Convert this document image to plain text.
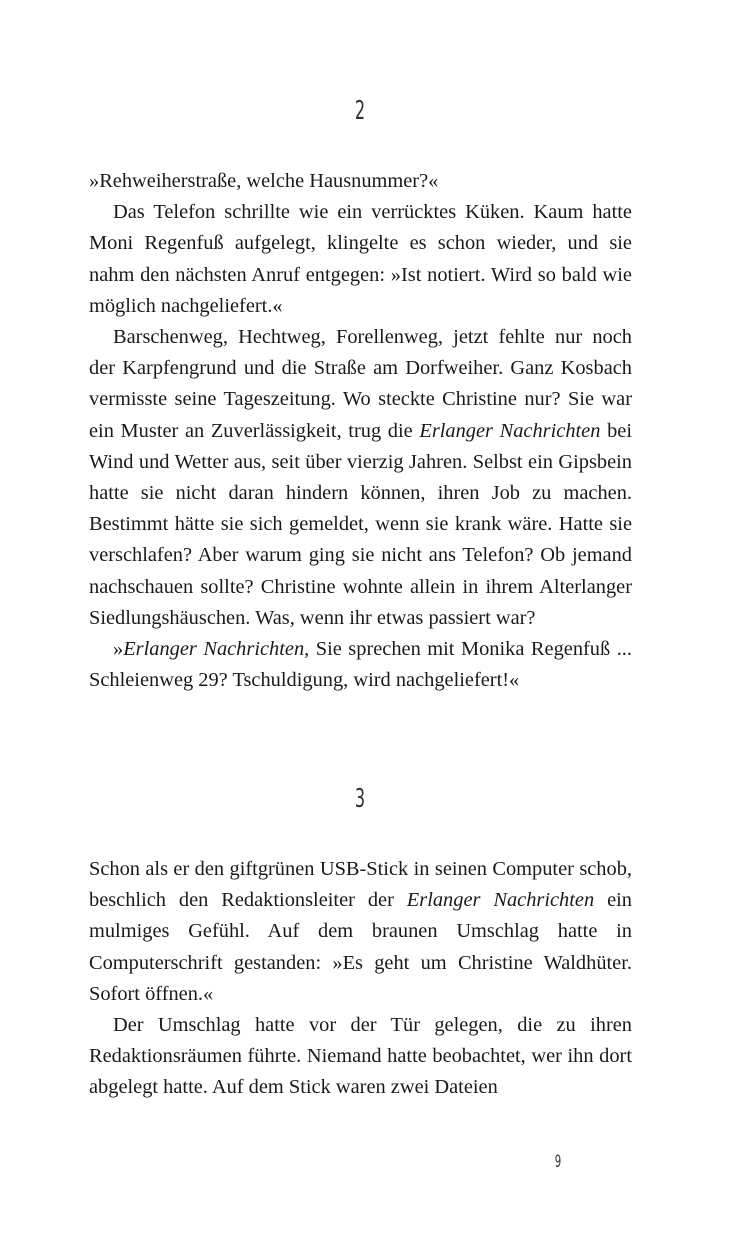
2

»Rehweiherstraße, welche Hausnummer?«

Das Telefon schrillte wie ein verrücktes Küken. Kaum hatte Moni Regenfuß aufgelegt, klingelte es schon wieder, und sie nahm den nächsten Anruf entgegen: »Ist notiert. Wird so bald wie möglich nachgeliefert.«

Barschenweg, Hechtweg, Forellenweg, jetzt fehlte nur noch der Karpfengrund und die Straße am Dorfweiher. Ganz Kosbach vermisste seine Tageszeitung. Wo steckte Christine nur? Sie war ein Muster an Zuverlässigkeit, trug die Erlanger Nachrichten bei Wind und Wetter aus, seit über vierzig Jahren. Selbst ein Gipsbein hatte sie nicht daran hindern können, ihren Job zu machen. Bestimmt hätte sie sich gemeldet, wenn sie krank wäre. Hatte sie verschlafen? Aber warum ging sie nicht ans Telefon? Ob jemand nachschauen sollte? Christine wohnte allein in ihrem Alterlanger Siedlungshäuschen. Was, wenn ihr etwas passiert war?

»Erlanger Nachrichten, Sie sprechen mit Monika Regenfuß ... Schleienweg 29? Tschuldigung, wird nachgeliefert!«

3

Schon als er den giftgrünen USB-Stick in seinen Computer schob, beschlich den Redaktionsleiter der Erlanger Nachrichten ein mulmiges Gefühl. Auf dem braunen Umschlag hatte in Computerschrift gestanden: »Es geht um Christine Waldhüter. Sofort öffnen.«

Der Umschlag hatte vor der Tür gelegen, die zu ihren Redaktionsräumen führte. Niemand hatte beobachtet, wer ihn dort abgelegt hatte. Auf dem Stick waren zwei Dateien

9
